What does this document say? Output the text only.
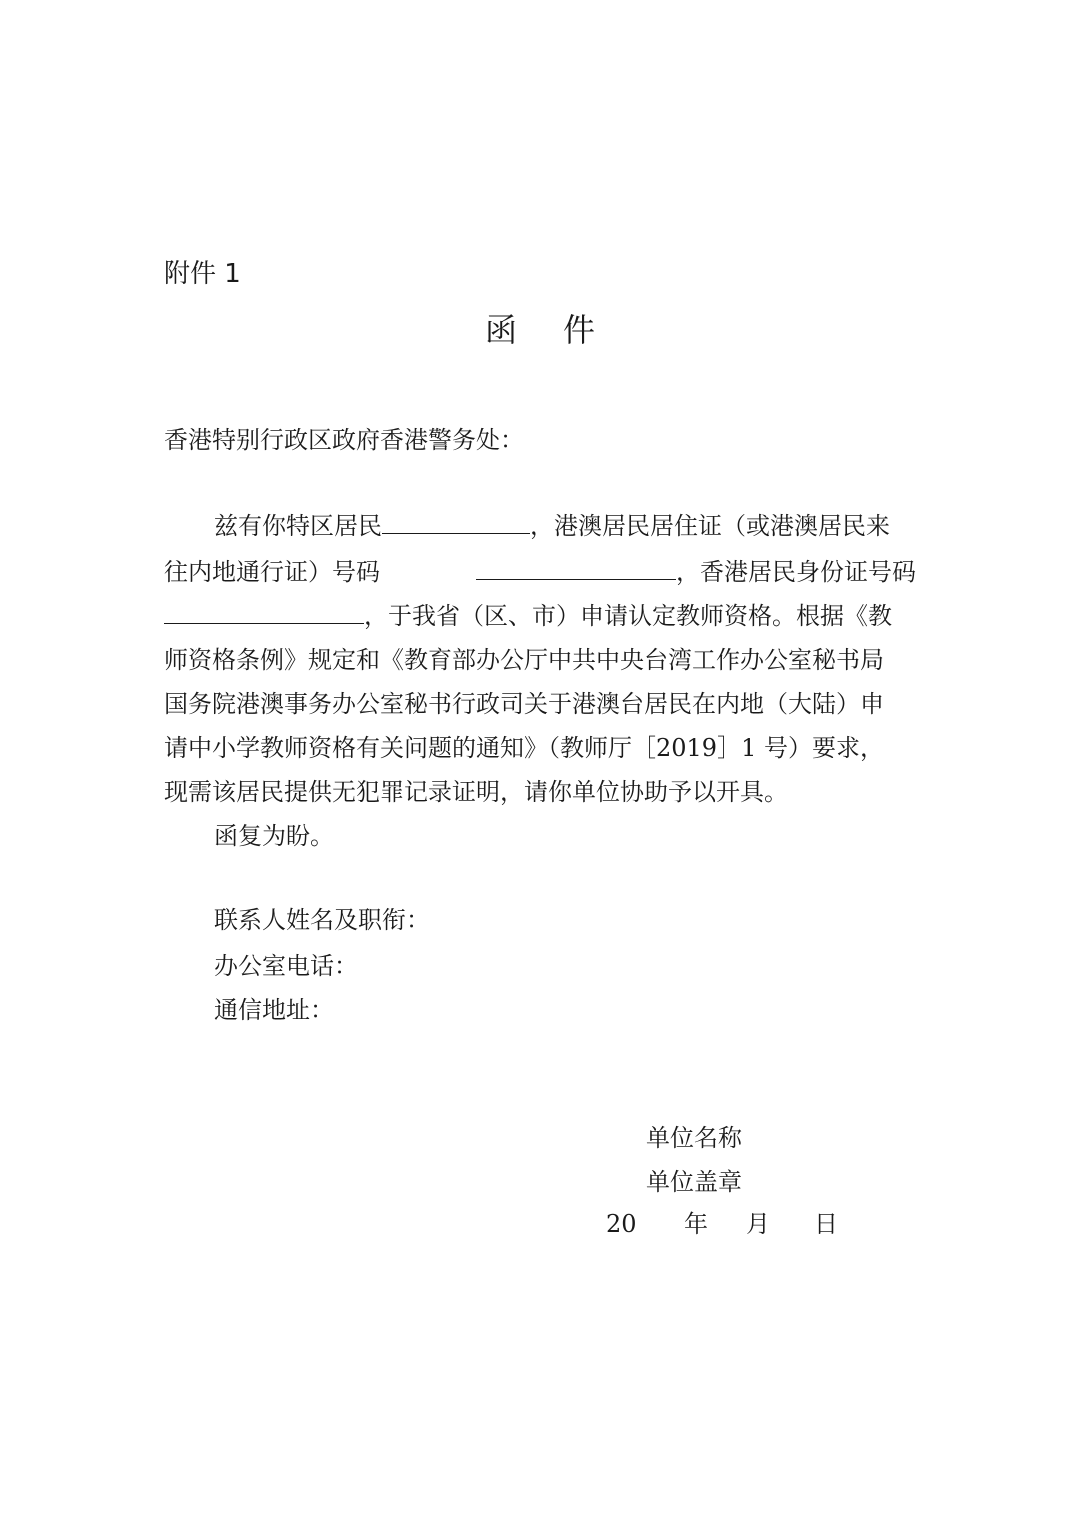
附件 1
函 件
香港特别行政区政府香港警务处：
兹有你特区居民	，港澳居民居住证（或港澳居民来
往内地通行证）号码	，香港居民身份证号码
，于我省（区、市）申请认定教师资格。根据《教
师资格条例》规定和《教育部办公厅中共中央台湾工作办公室秘书局
国务院港澳事务办公室秘书行政司关于港澳台居民在内地（大陆）申
请中小学教师资格有关问题的通知》（教师厅［2019］1 号）要求，
现需该居民提供无犯罪记录证明，请你单位协助予以开具。
函复为盼。
联系人姓名及职衔：
办公室电话：
通信地址：
单位名称
单位盖章
20 年 月 日
